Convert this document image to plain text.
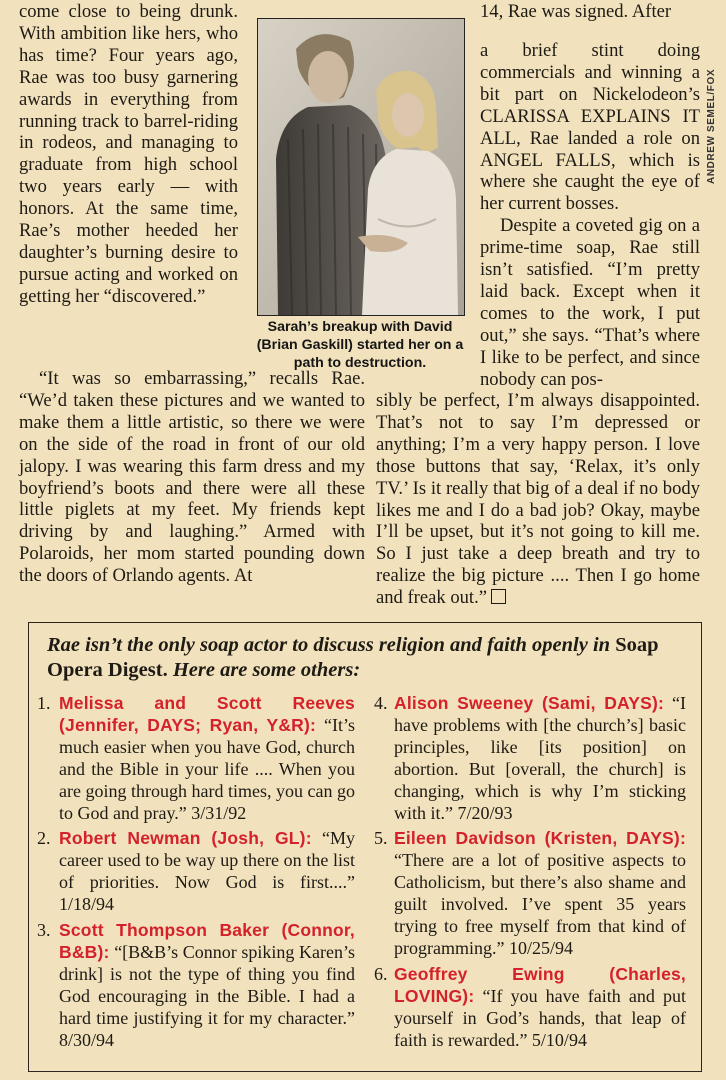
come close to being drunk. With ambition like hers, who has time? Four years ago, Rae was too busy garnering awards in everything from running track to barrel-riding in rodeos, and managing to graduate from high school two years early — with honors. At the same time, Rae’s mother heeded her daughter’s burning desire to pursue acting and worked on getting her “discovered.”

Sarah’s breakup with David (Brian Gaskill) started her on a path to destruction.
ANDREW SEMEL/FOX
14, Rae was signed. After

a brief stint doing commercials and winning a bit part on Nickelodeon’s CLARISSA EXPLAINS IT ALL, Rae landed a role on ANGEL FALLS, which is where she caught the eye of her current bosses.

Despite a coveted gig on a prime-time soap, Rae still isn’t satisfied. “I’m pretty laid back. Except when it comes to the work, I put out,” she says. “That’s where I like to be perfect, and since nobody can pos-

“It was so embarrassing,” recalls Rae. “We’d taken these pictures and we wanted to make them a little artistic, so there we were on the side of the road in front of our old jalopy. I was wearing this farm dress and my boyfriend’s boots and there were all these little piglets at my feet. My friends kept driving by and laughing.” Armed with Polaroids, her mom started pounding down the doors of Orlando agents. At

sibly be perfect, I’m always disappointed. That’s not to say I’m depressed or anything; I’m a very happy person. I love those buttons that say, ‘Relax, it’s only TV.’ Is it really that big of a deal if no body likes me and I do a bad job? Okay, maybe I’ll be upset, but it’s not going to kill me. So I just take a deep breath and try to realize the big picture .... Then I go home and freak out.”

Rae isn’t the only soap actor to discuss religion and faith openly in Soap Opera Digest. Here are some others:
1. Melissa and Scott Reeves (Jennifer, DAYS; Ryan, Y&R): “It’s much easier when you have God, church and the Bible in your life .... When you are going through hard times, you can go to God and pray.” 3/31/92
2. Robert Newman (Josh, GL): “My career used to be way up there on the list of priorities. Now God is first....” 1/18/94
3. Scott Thompson Baker (Connor, B&B): “[B&B’s Connor spiking Karen’s drink] is not the type of thing you find God encouraging in the Bible. I had a hard time justifying it for my character.” 8/30/94
4. Alison Sweeney (Sami, DAYS): “I have problems with [the church’s] basic principles, like [its position] on abortion. But [overall, the church] is changing, which is why I’m sticking with it.” 7/20/93
5. Eileen Davidson (Kristen, DAYS): “There are a lot of positive aspects to Catholicism, but there’s also shame and guilt involved. I’ve spent 35 years trying to free myself from that kind of programming.” 10/25/94
6. Geoffrey Ewing (Charles, LOVING): “If you have faith and put yourself in God’s hands, that leap of faith is rewarded.” 5/10/94
